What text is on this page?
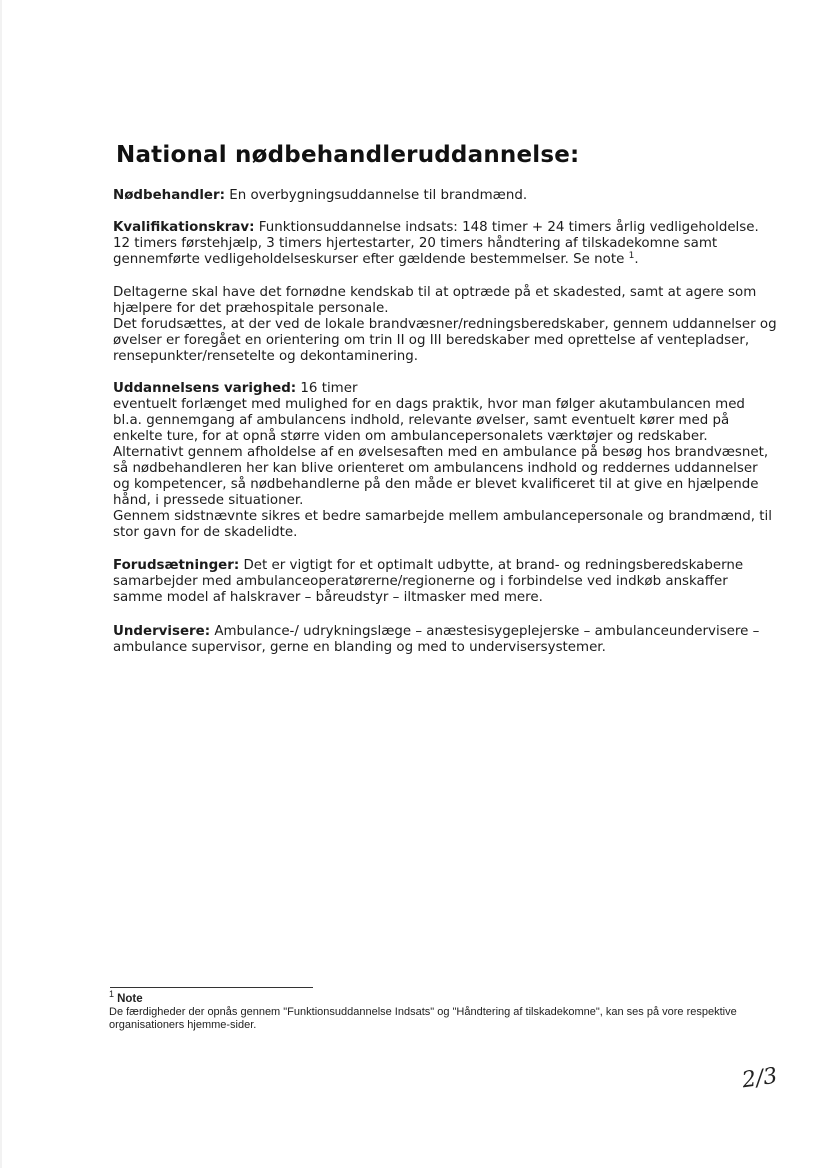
National nødbehandleruddannelse:

Nødbehandler: En overbygningsuddannelse til brandmænd.

Kvalifikationskrav: Funktionsuddannelse indsats: 148 timer + 24 timers årlig vedligeholdelse. 12 timers førstehjælp, 3 timers hjertestarter, 20 timers håndtering af tilskadekomne samt gennemførte vedligeholdelseskurser efter gældende bestemmelser. Se note $^1$.

Deltagerne skal have det fornødne kendskab til at optræde på et skadested, samt at agere som hjælpere for det præhospitale personale.

Det forudsættes, at der ved de lokale brandvæsner/redningsberedskaber, gennem uddannelser og øvelser er foregået en orientering om trin II og III beredskaber med oprettelse af ventepladser, rensepunkter/rensetelte og dekontaminering.

Uddannelsens varighed: 16 timer

eventuelt forlænget med mulighed for en dags praktik, hvor man følger akutambulancen med bl.a. gennemgang af ambulancens indhold, relevante øvelser, samt eventuelt kører med på enkelte ture, for at opnå større viden om ambulancepersonalets værktøjer og redskaber.

Alternativt gennem afholdelse af en øvelsesaften med en ambulance på besøg hos brandvæsnet, så nødbehandleren her kan blive orienteret om ambulancens indhold og reddernes uddannelser og kompetencer, så nødbehandlerne på den måde er blevet kvalificeret til at give en hjælpende hånd, i pressede situationer.

Gennem sidstnævnte sikres et bedre samarbejde mellem ambulancepersonale og brandmænd, til stor gavn for de skadelidte.

Forudsætninger: Det er vigtigt for et optimalt udbytte, at brand- og redningsberedskaberne samarbejder med ambulanceoperatørerne/regionerne og i forbindelse ved indkøb anskaffer samme model af halskraver – båreudstyr – iltmasker med mere.

Undervisere: Ambulance-/ udrykningslæge – anæstesisygeplejerske – ambulanceundervisere – ambulance supervisor, gerne en blanding og med to undervisersystemer.

$^1$ Note
De færdigheder der opnås gennem "Funktionsuddannelse Indsats" og "Håndtering af tilskadekomne", kan ses på vore respektive organisationers hjemme-sider.
2/3
